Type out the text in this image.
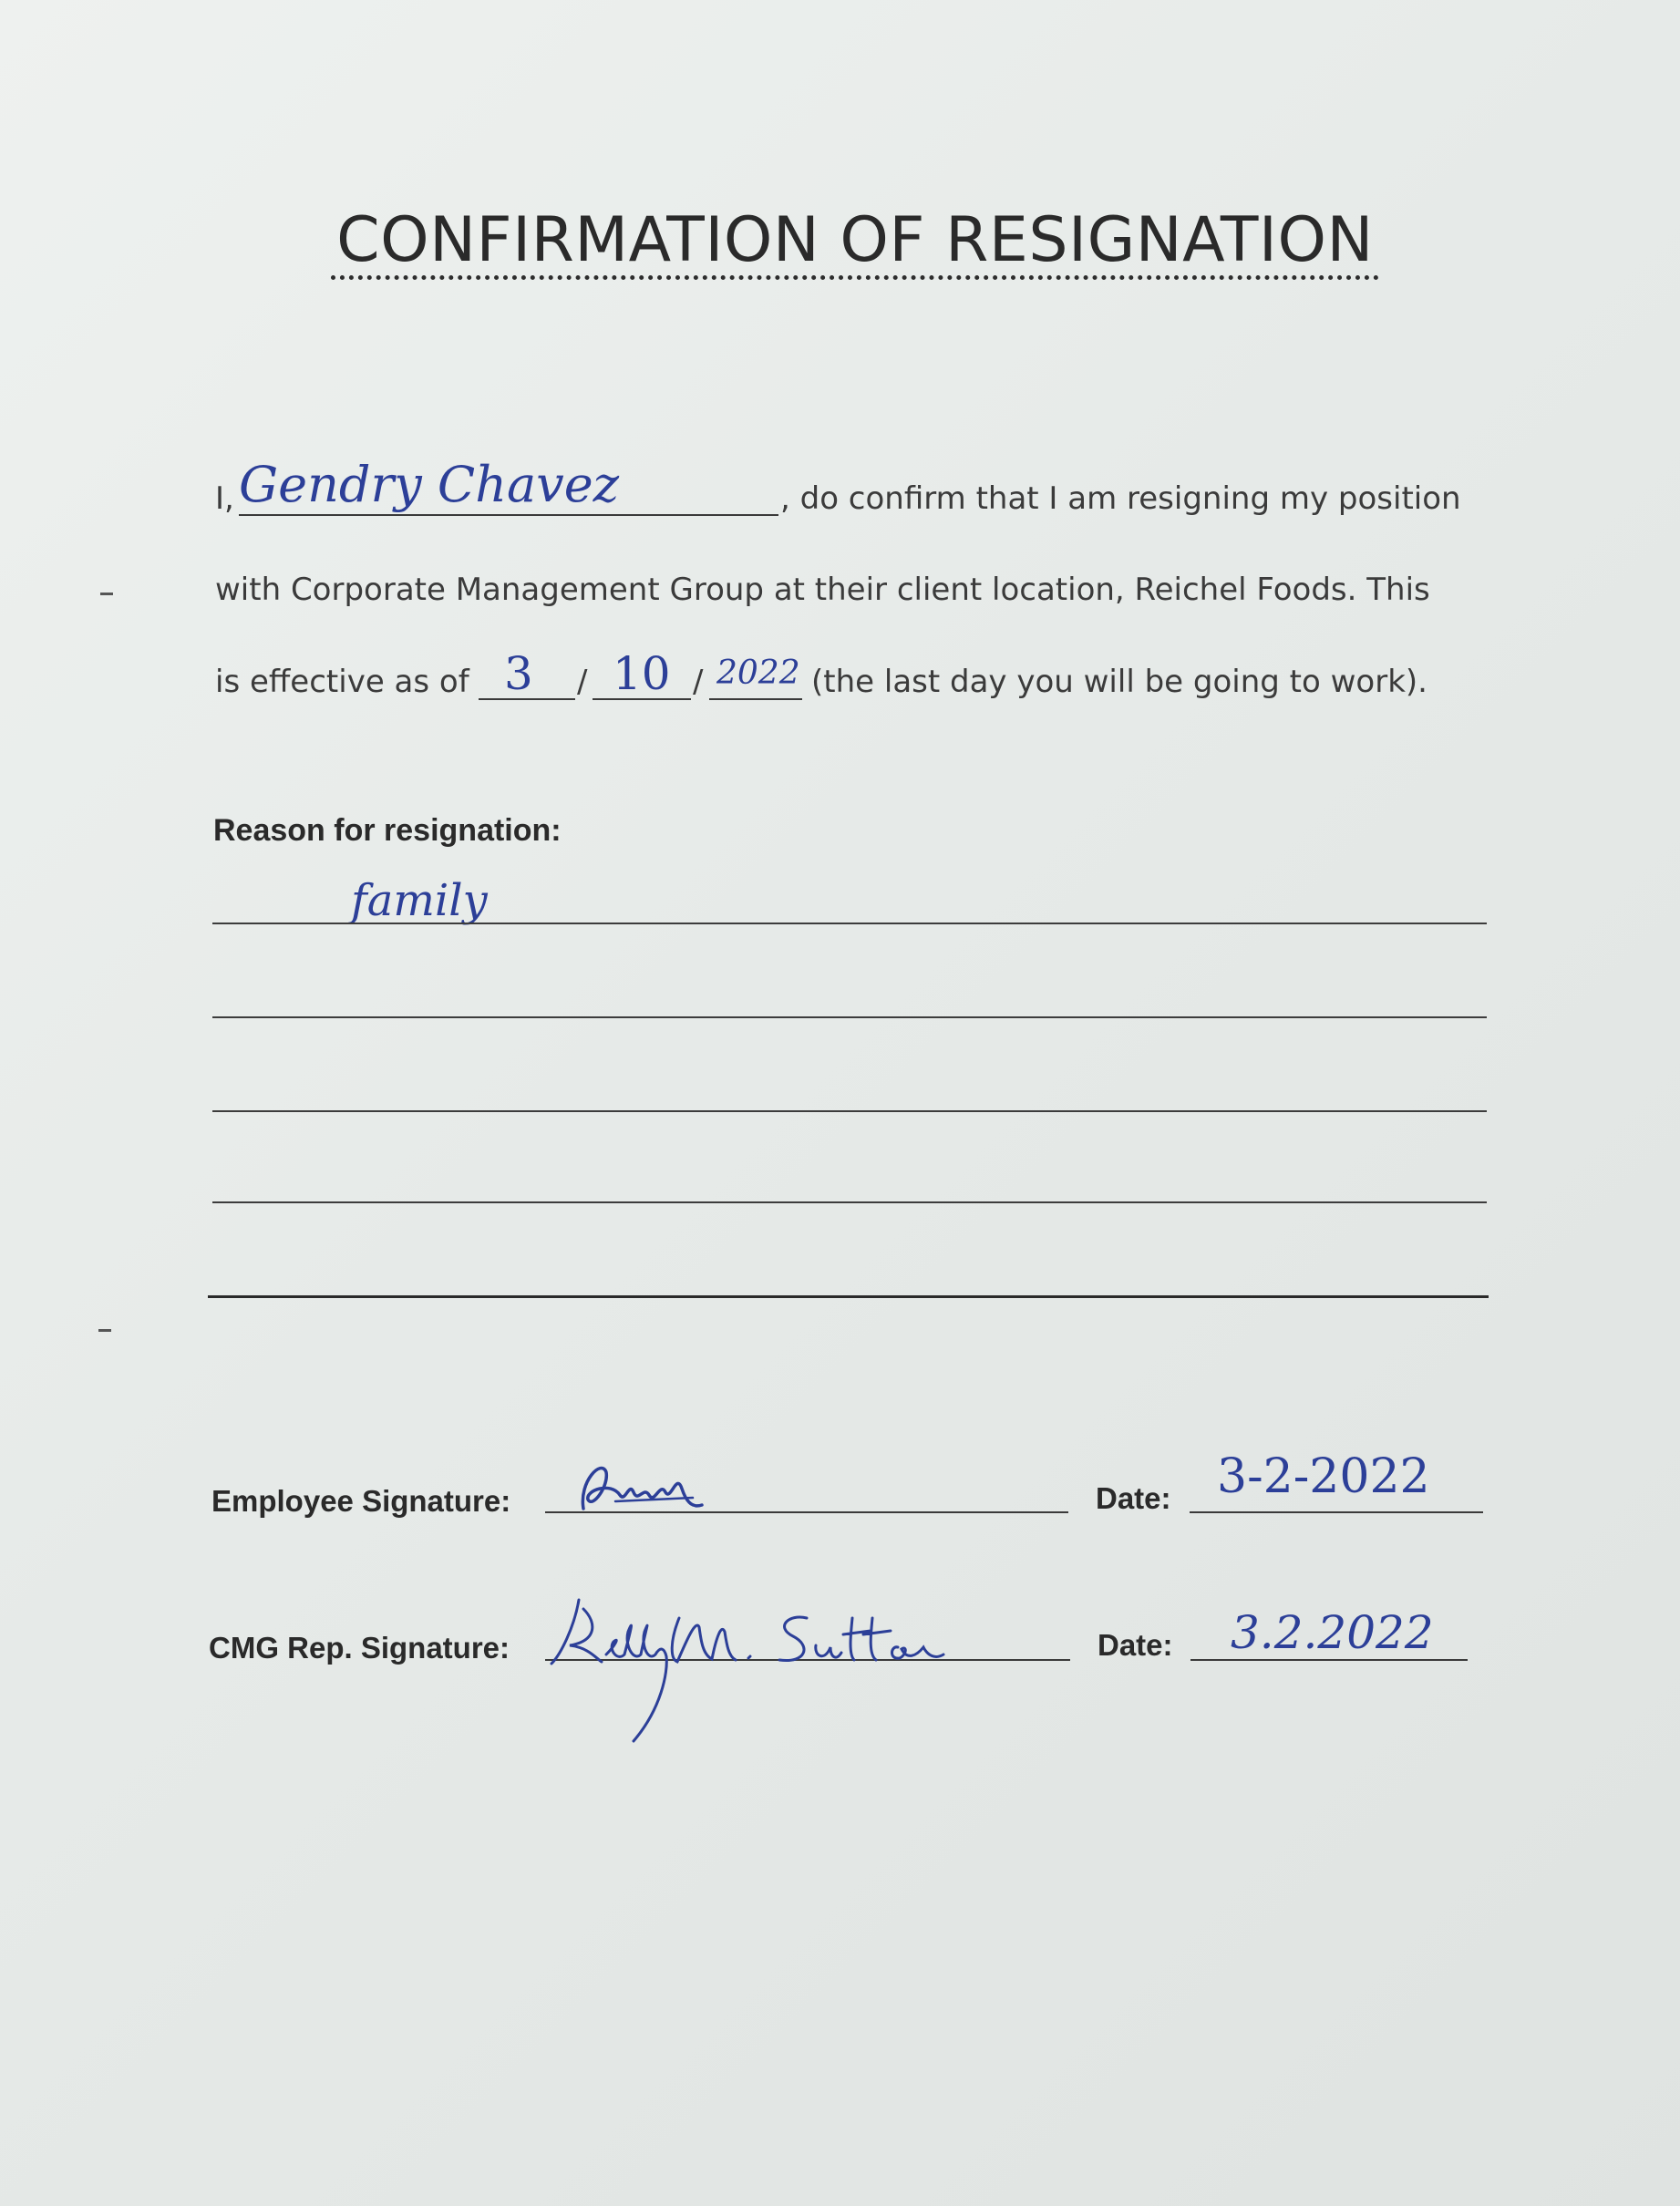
CONFIRMATION OF RESIGNATION
I, Gendry Chavez	, do confirm that I am resigning my position
with Corporate Management Group at their client location, Reichel Foods. This
is effective as of 3 / 10 / 2022 (the last day you will be going to work).
Reason for resignation:
family
Employee Signature:	Date: 3-2-2022
CMG Rep. Signature:	Date: 3.2.2022
